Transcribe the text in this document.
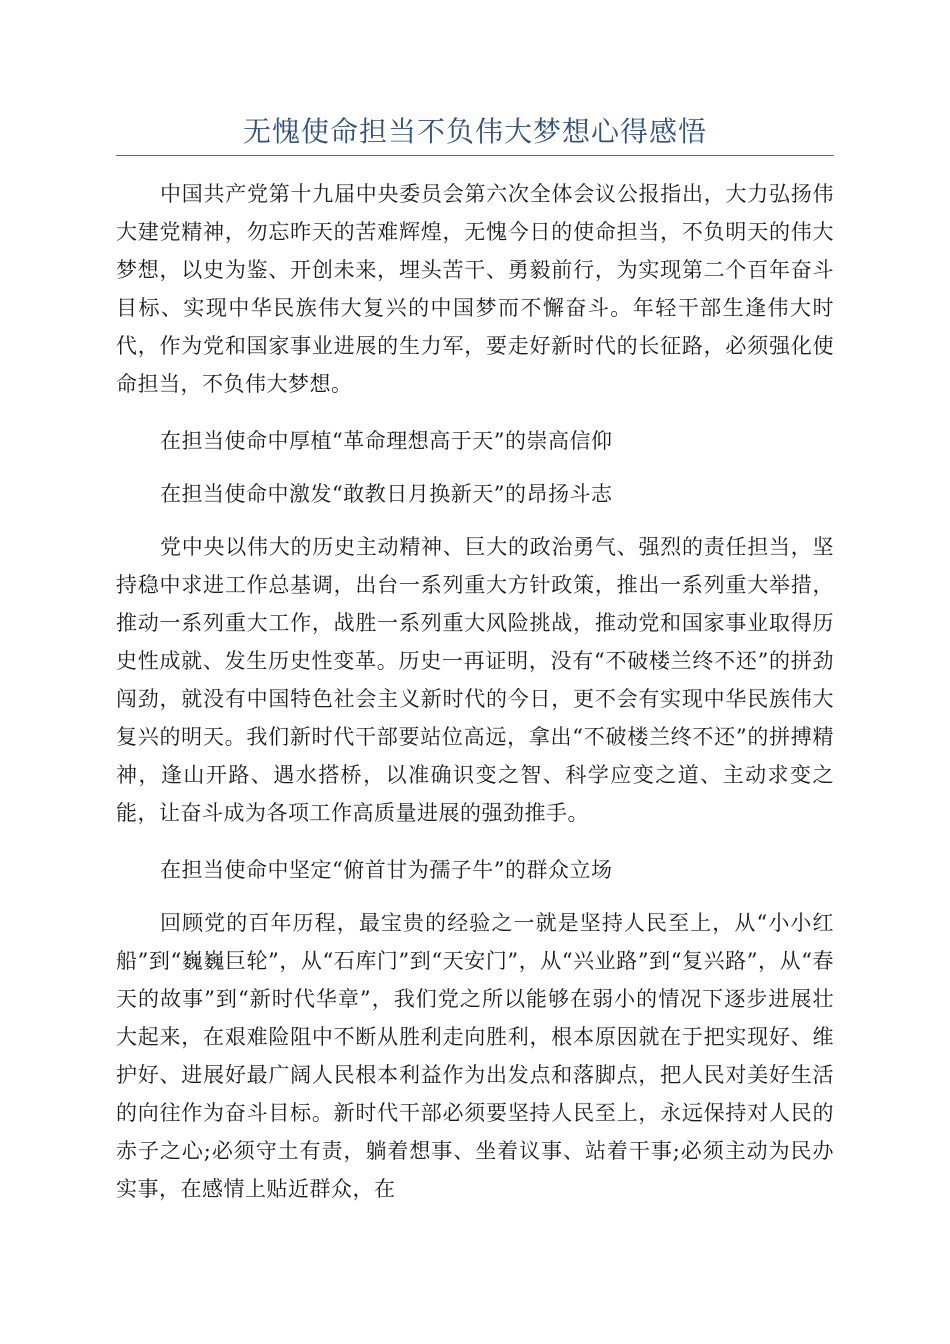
无愧使命担当不负伟大梦想心得感悟

中国共产党第十九届中央委员会第六次全体会议公报指出，大力弘扬伟大建党精神，勿忘昨天的苦难辉煌，无愧今日的使命担当，不负明天的伟大梦想，以史为鉴、开创未来，埋头苦干、勇毅前行，为实现第二个百年奋斗目标、实现中华民族伟大复兴的中国梦而不懈奋斗。年轻干部生逢伟大时代，作为党和国家事业进展的生力军，要走好新时代的长征路，必须强化使命担当，不负伟大梦想。

在担当使命中厚植“革命理想高于天”的崇高信仰

在担当使命中激发“敢教日月换新天”的昂扬斗志

党中央以伟大的历史主动精神、巨大的政治勇气、强烈的责任担当，坚持稳中求进工作总基调，出台一系列重大方针政策，推出一系列重大举措，推动一系列重大工作，战胜一系列重大风险挑战，推动党和国家事业取得历史性成就、发生历史性变革。历史一再证明，没有“不破楼兰终不还”的拼劲闯劲，就没有中国特色社会主义新时代的今日，更不会有实现中华民族伟大复兴的明天。我们新时代干部要站位高远，拿出“不破楼兰终不还”的拼搏精神，逢山开路、遇水搭桥，以准确识变之智、科学应变之道、主动求变之能，让奋斗成为各项工作高质量进展的强劲推手。

在担当使命中坚定“俯首甘为孺子牛”的群众立场

回顾党的百年历程，最宝贵的经验之一就是坚持人民至上，从“小小红船”到“巍巍巨轮”，从“石库门”到“天安门”，从“兴业路”到“复兴路”，从“春天的故事”到“新时代华章”，我们党之所以能够在弱小的情况下逐步进展壮大起来，在艰难险阻中不断从胜利走向胜利，根本原因就在于把实现好、维护好、进展好最广阔人民根本利益作为出发点和落脚点，把人民对美好生活的向往作为奋斗目标。新时代干部必须要坚持人民至上，永远保持对人民的赤子之心;必须守土有责，躺着想事、坐着议事、站着干事;必须主动为民办实事，在感情上贴近群众，在
